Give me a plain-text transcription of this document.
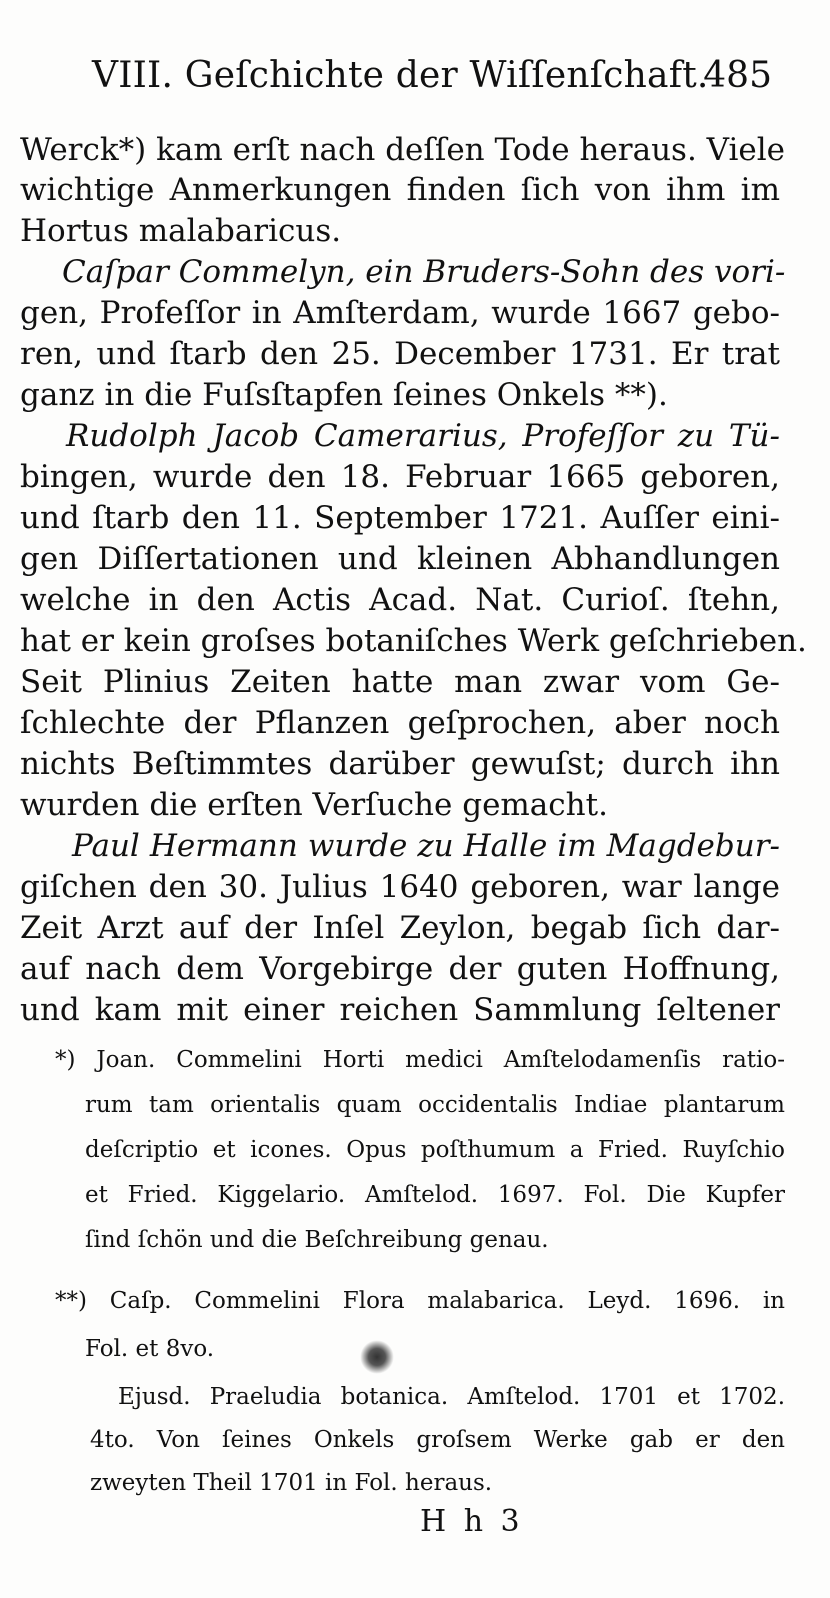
VIII. Geſchichte der Wiſſenſchaft.
485
Werck*) kam erſt nach deſſen Tode heraus. Viele
wichtige Anmerkungen finden ſich von ihm im
Hortus malabaricus.
Caſpar Commelyn, ein Bruders-Sohn des vori-
gen, Profeſſor in Amſterdam, wurde 1667 gebo-
ren, und ſtarb den 25. December 1731. Er trat
ganz in die Fuſsſtapfen ſeines Onkels **).
Rudolph Jacob Camerarius, Profeſſor zu Tü-
bingen, wurde den 18. Februar 1665 geboren,
und ſtarb den 11. September 1721. Auſſer eini-
gen Diſſertationen und kleinen Abhandlungen
welche in den Actis Acad. Nat. Curioſ. ſtehn,
hat er kein groſses botaniſches Werk geſchrieben.
Seit Plinius Zeiten hatte man zwar vom Ge-
ſchlechte der Pflanzen geſprochen, aber noch
nichts Beſtimmtes darüber gewuſst; durch ihn
wurden die erſten Verſuche gemacht.
Paul Hermann wurde zu Halle im Magdebur-
giſchen den 30. Julius 1640 geboren, war lange
Zeit Arzt auf der Inſel Zeylon, begab ſich dar-
auf nach dem Vorgebirge der guten Hoffnung,
und kam mit einer reichen Sammlung ſeltener
*) Joan. Commelini Horti medici Amſtelodamenſis ratio-
rum tam orientalis quam occidentalis Indiae plantarum
deſcriptio et icones. Opus poſthumum a Fried. Ruyſchio
et Fried. Kiggelario. Amſtelod. 1697. Fol. Die Kupfer
ſind ſchön und die Beſchreibung genau.
**) Caſp. Commelini Flora malabarica. Leyd. 1696. in
Fol. et 8vo.
Ejusd. Praeludia botanica. Amſtelod. 1701 et 1702.
4to. Von ſeines Onkels groſsem Werke gab er den
zweyten Theil 1701 in Fol. heraus.
H h 3
